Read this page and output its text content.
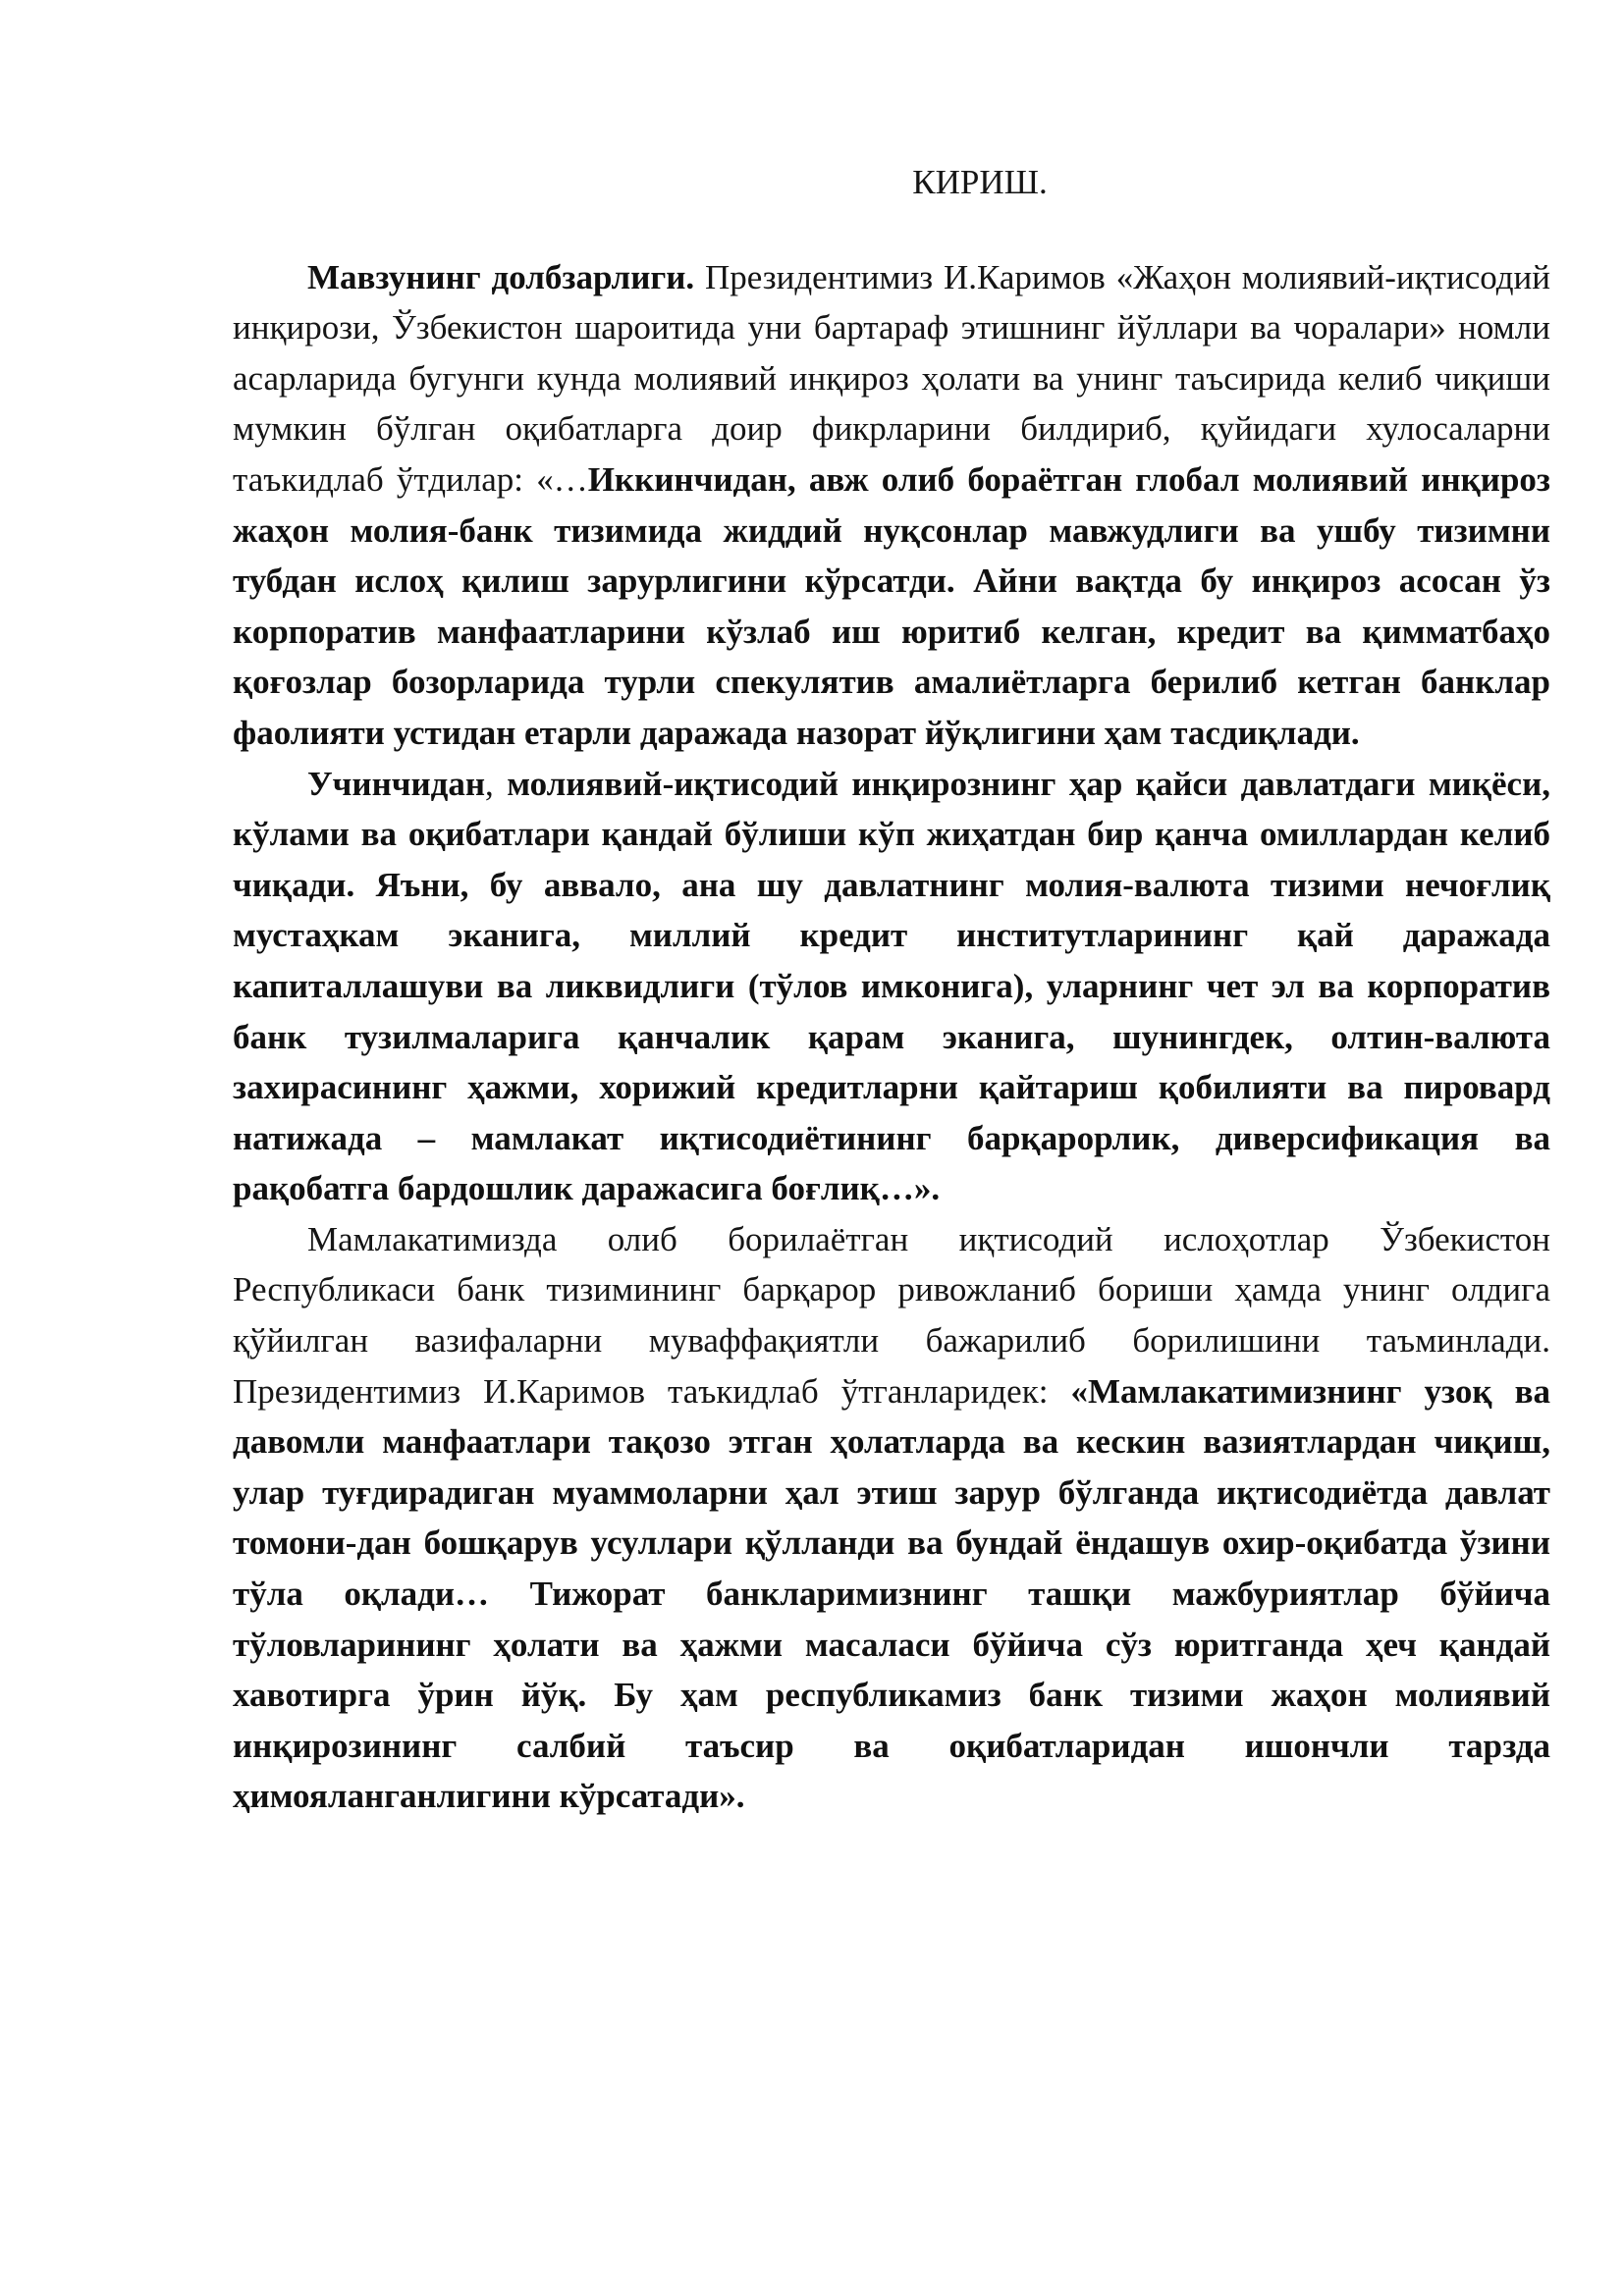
КИРИШ.

Мавзунинг долбзарлиги. Президентимиз И.Каримов «Жаҳон молиявий-иқтисодий инқирози, Ўзбекистон шароитида уни бартараф этишнинг йўллари ва чоралари» номли асарларида бугунги кунда молиявий инқироз ҳолати ва унинг таъсирида келиб чиқиши мумкин бўлган оқибатларга доир фикрларини билдириб, қуйидаги хулосаларни таъкидлаб ўтдилар: «…Иккинчидан, авж олиб бораётган глобал молиявий инқироз жаҳон молия-банк тизимида жиддий нуқсонлар мавжудлиги ва ушбу тизимни тубдан ислоҳ қилиш зарурлигини кўрсатди. Айни вақтда бу инқироз асосан ўз корпоратив манфаатларини кўзлаб иш юритиб келган, кредит ва қимматбаҳо қоғозлар бозорларида турли спекулятив амалиётларга берилиб кетган банклар фаолияти устидан етарли даражада назорат йўқлигини ҳам тасдиқлади.

Учинчидан, молиявий-иқтисодий инқирознинг ҳар қайси давлатдаги миқёси, кўлами ва оқибатлари қандай бўлиши кўп жиҳатдан бир қанча омиллардан келиб чиқади. Яъни, бу аввало, ана шу давлатнинг молия-валюта тизими нечоғлиқ мустаҳкам эканига, миллий кредит институтларининг қай даражада капиталлашуви ва ликвидлиги (тўлов имконига), уларнинг чет эл ва корпоратив банк тузилмаларига қанчалик қарам эканига, шунингдек, олтин-валюта захирасининг ҳажми, хорижий кредитларни қайтариш қобилияти ва пировард натижада – мамлакат иқтисодиётининг барқарорлик, диверсификация ва рақобатга бардошлик даражасига боғлиқ…».

Мамлакатимизда олиб борилаётган иқтисодий ислоҳотлар Ўзбекистон Республикаси банк тизимининг барқарор ривожланиб бориши ҳамда унинг олдига қўйилган вазифаларни муваффақиятли бажарилиб борилишини таъминлади. Президентимиз И.Каримов таъкидлаб ўтганларидек: «Мамлакатимизнинг узоқ ва давомли манфаатлари тақозо этган ҳолатларда ва кескин вазиятлардан чиқиш, улар туғдирадиган муаммоларни ҳал этиш зарур бўлганда иқтисодиётда давлат томони-дан бошқарув усуллари қўлланди ва бундай ёндашув охир-оқибатда ўзини тўла оқлади… Тижорат банкларимизнинг ташқи мажбуриятлар бўйича тўловларининг ҳолати ва ҳажми масаласи бўйича сўз юритганда ҳеч қандай хавотирга ўрин йўқ. Бу ҳам республикамиз банк тизими жаҳон молиявий инқирозининг салбий таъсир ва оқибатларидан ишончли тарзда ҳимояланганлигини кўрсатади».
